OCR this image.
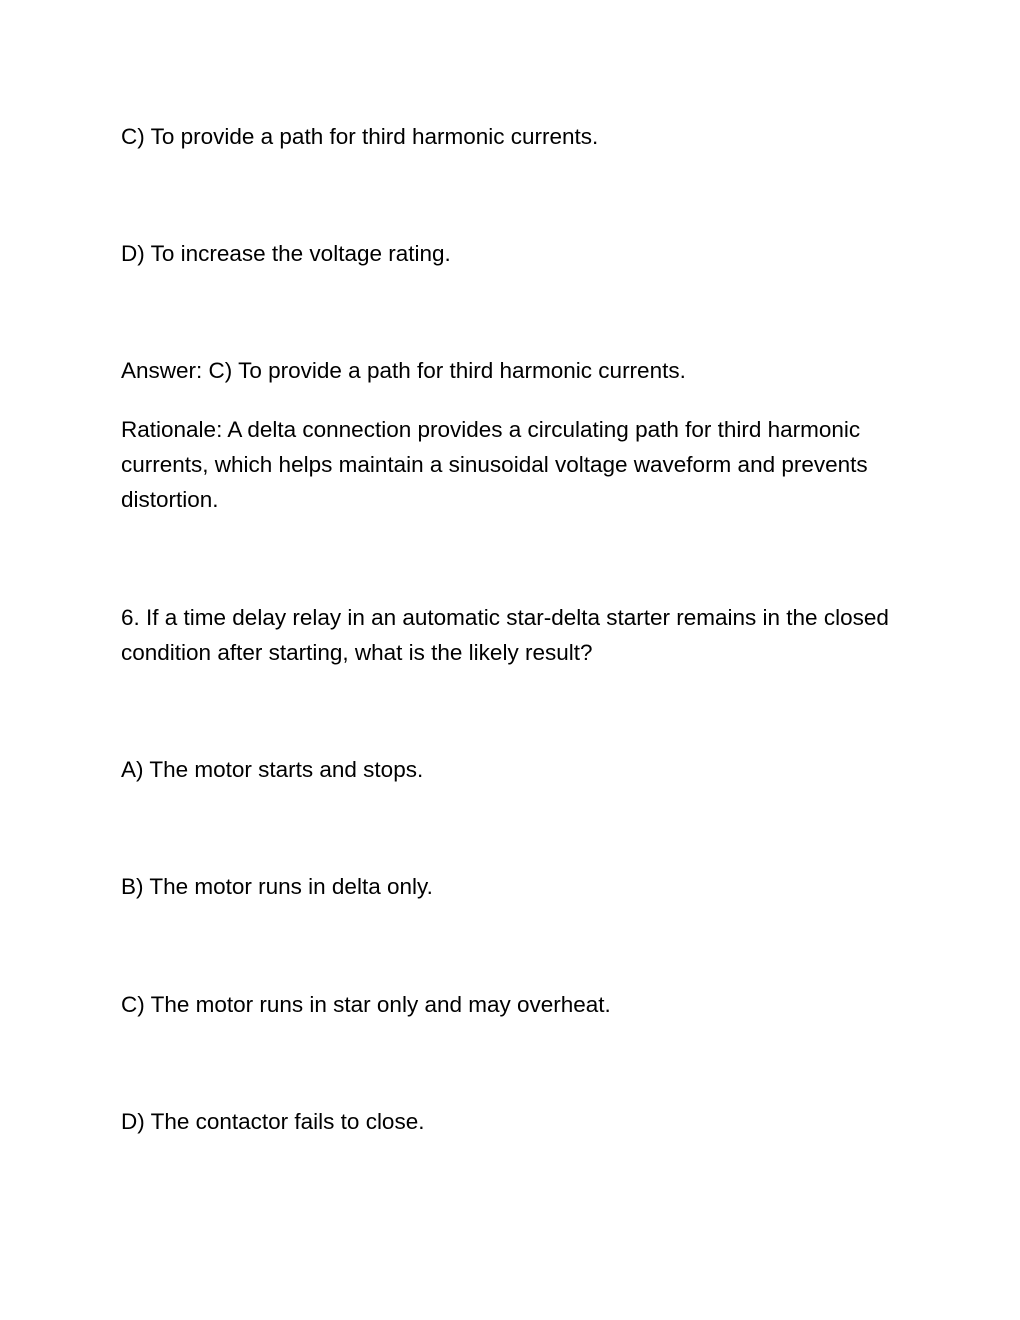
C) To provide a path for third harmonic currents.

D) To increase the voltage rating.

Answer: C) To provide a path for third harmonic currents.

Rationale: A delta connection provides a circulating path for third harmonic currents, which helps maintain a sinusoidal voltage waveform and prevents distortion.

6. If a time delay relay in an automatic star-delta starter remains in the closed condition after starting, what is the likely result?

A) The motor starts and stops.

B) The motor runs in delta only.

C) The motor runs in star only and may overheat.

D) The contactor fails to close.
